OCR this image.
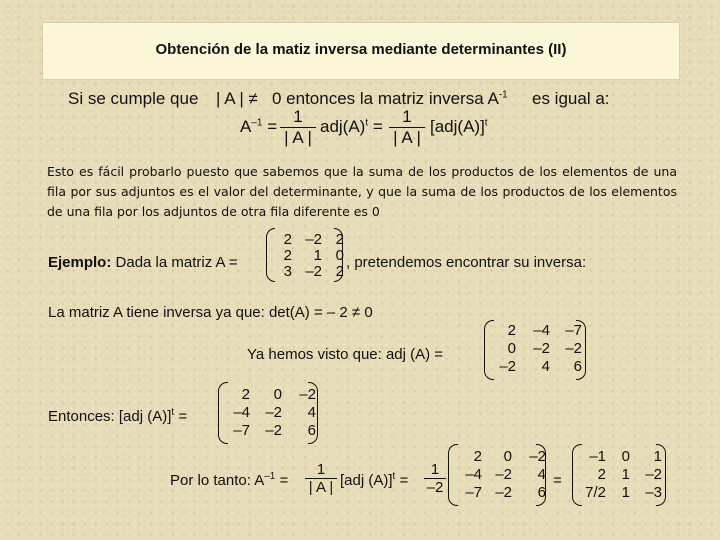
Obtención de la matiz inversa mediante determinantes (II)
Si se cumple que | A | ≠ 0 entonces la matriz inversa $A^{-1}$ es igual a:
$A^{-1} = \frac{1}{| A |} adj(A)^t = \frac{1}{| A |} [adj(A)]^t$
Esto es fácil probarlo puesto que sabemos que la suma de los productos de los elementos de una fila por sus adjuntos es el valor del determinante, y que la suma de los productos de los elementos de una fila por los adjuntos de otra fila diferente es 0
Ejemplo: Dada la matriz A =
2 –2 2
2	1 0
3 –2 2
, pretendemos encontrar su inversa:
La matriz A tiene inversa ya que: det(A) = – 2 ≠ 0
Ya hemos visto que: adj (A) =
2	–4	–7
0	–2	–2
–2	4	6
Entonces: [adj (A)]$^t$ =
2	0	–2
–4	–2	4
–7	–2	6
Por lo tanto: $A^{-1} = \frac{1}{| A |} [adj$ $(A)]^t = \frac{1}{-2}$
2	0	–2
–4 –2	4
–7 –2	6
=
–1	0	1
2	1	–2
7/2	1	–3
